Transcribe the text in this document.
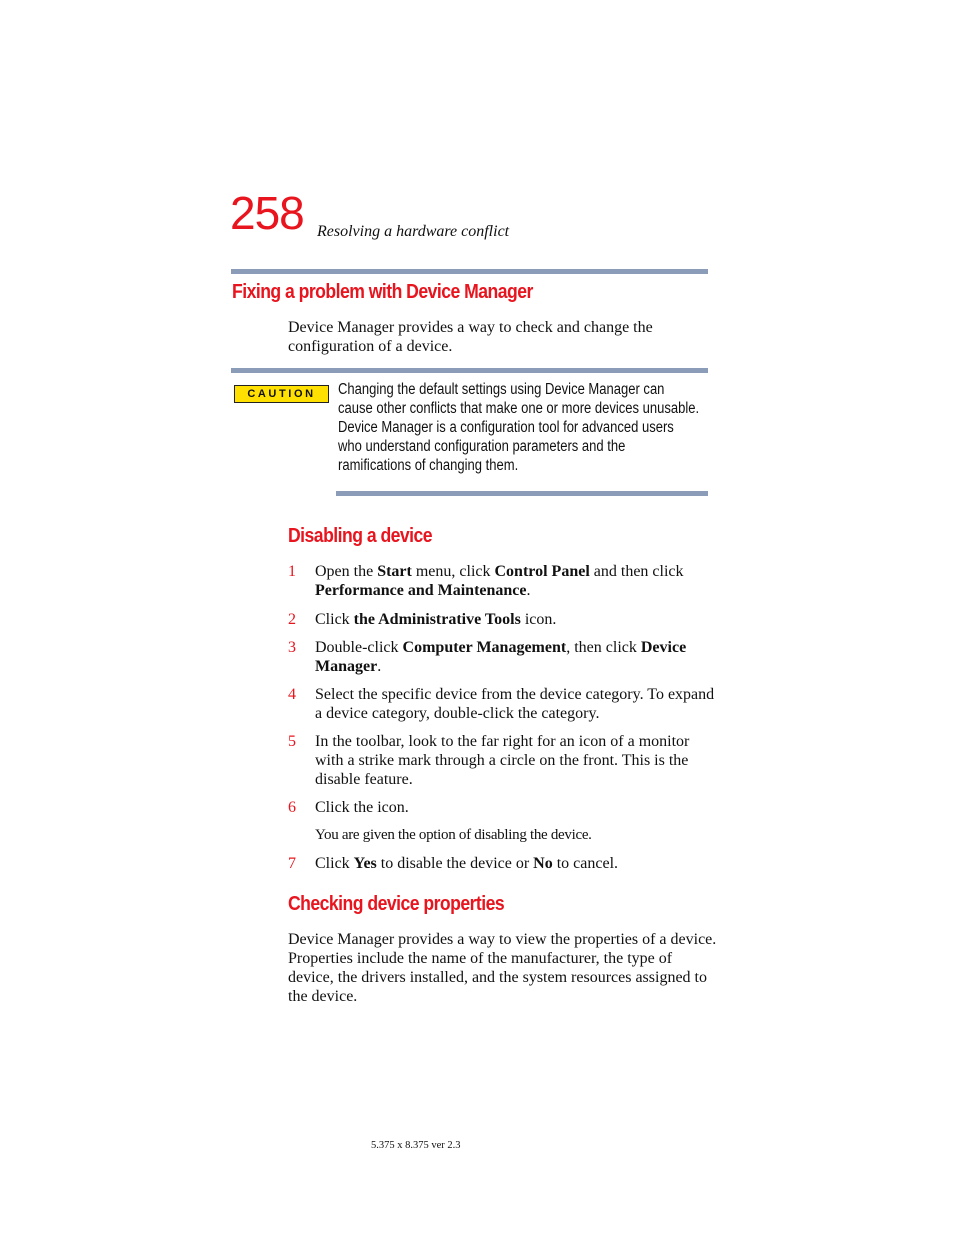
258 Resolving a hardware conflict
Fixing a problem with Device Manager
Device Manager provides a way to check and change the configuration of a device.
CAUTION	Changing the default settings using Device Manager can cause other conflicts that make one or more devices unusable. Device Manager is a configuration tool for advanced users who understand configuration parameters and the ramifications of changing them.
Disabling a device
1	Open the Start menu, click Control Panel and then click Performance and Maintenance.
2	Click the Administrative Tools icon.
3	Double-click Computer Management, then click Device Manager.
4	Select the specific device from the device category. To expand a device category, double-click the category.
5	In the toolbar, look to the far right for an icon of a monitor with a strike mark through a circle on the front. This is the disable feature.
6	Click the icon.
You are given the option of disabling the device.
7	Click Yes to disable the device or No to cancel.
Checking device properties
Device Manager provides a way to view the properties of a device. Properties include the name of the manufacturer, the type of device, the drivers installed, and the system resources assigned to the device.
5.375 x 8.375 ver 2.3
